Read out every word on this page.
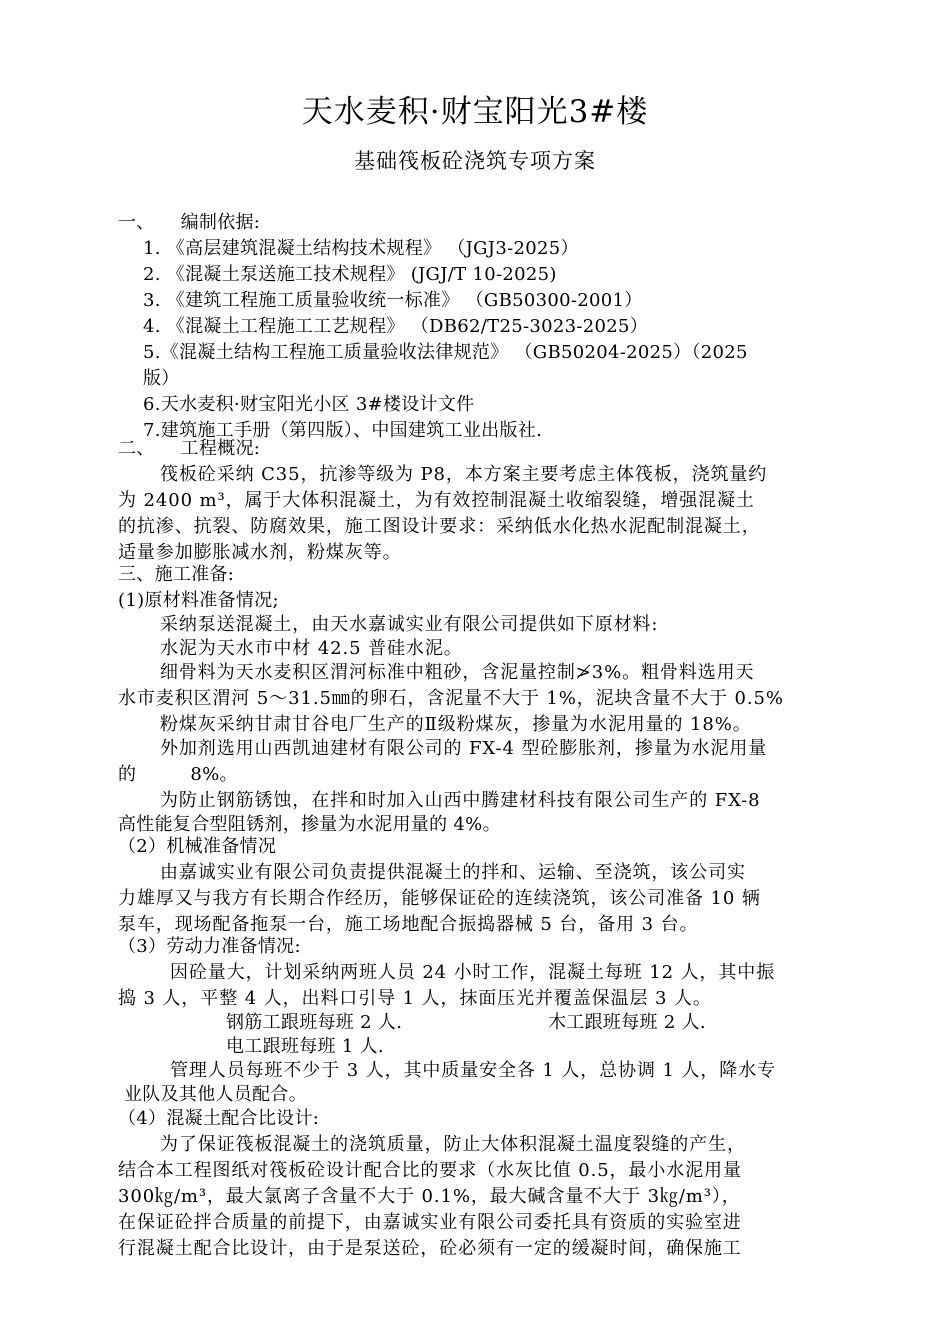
天水麦积·财宝阳光3#楼
基础筏板砼浇筑专项方案
一、 编制依据:
1. 《高层建筑混凝土结构技术规程》 （JGJ3-2025）
2. 《混凝土泵送施工技术规程》 (JGJ/T 10-2025)
3. 《建筑工程施工质量验收统一标准》 （GB50300-2001）
4. 《混凝土工程施工工艺规程》 （DB62/T25-3023-2025）
5.《混凝土结构工程施工质量验收法律规范》 （GB50204-2025）（2025
版）
6.天水麦积·财宝阳光小区 3#楼设计文件
7.建筑施工手册（第四版）、中国建筑工业出版社.
二、 工程概况:
筏板砼采纳 C35，抗渗等级为 P8，本方案主要考虑主体筏板，浇筑量约
为 2400 m³，属于大体积混凝土，为有效控制混凝土收缩裂缝，增强混凝土
的抗渗、抗裂、防腐效果，施工图设计要求：采纳低水化热水泥配制混凝土，
适量参加膨胀减水剂，粉煤灰等。
三、施工准备:
(1)原材料准备情况;
采纳泵送混凝土，由天水嘉诚实业有限公司提供如下原材料:
水泥为天水市中材 42.5 普硅水泥。
细骨料为天水麦积区渭河标准中粗砂，含泥量控制≯3%。粗骨料选用天
水市麦积区渭河 5～31.5㎜的卵石，含泥量不大于 1%，泥块含量不大于 0.5%
粉煤灰采纳甘肃甘谷电厂生产的Ⅱ级粉煤灰，掺量为水泥用量的 18%。
外加剂选用山西凯迪建材有限公司的 FX-4 型砼膨胀剂，掺量为水泥用量
的	8%。
为防止钢筋锈蚀，在拌和时加入山西中腾建材科技有限公司生产的 FX-8
高性能复合型阻锈剂，掺量为水泥用量的 4%。
（2）机械准备情况
由嘉诚实业有限公司负责提供混凝土的拌和、运输、至浇筑，该公司实
力雄厚又与我方有长期合作经历，能够保证砼的连续浇筑，该公司准备 10 辆
泵车，现场配备拖泵一台，施工场地配合振捣器械 5 台，备用 3 台。
（3）劳动力准备情况:
因砼量大，计划采纳两班人员 24 小时工作，混凝土每班 12 人，其中振
捣 3 人，平整 4 人，出料口引导 1 人，抹面压光并覆盖保温层 3 人。
钢筋工跟班每班 2 人.	木工跟班每班 2 人.
电工跟班每班 1 人.
管理人员每班不少于 3 人，其中质量安全各 1 人，总协调 1 人，降水专
业队及其他人员配合。
（4）混凝土配合比设计:
为了保证筏板混凝土的浇筑质量，防止大体积混凝土温度裂缝的产生，
结合本工程图纸对筏板砼设计配合比的要求（水灰比值 0.5，最小水泥用量
300㎏/m³，最大氯离子含量不大于 0.1%，最大碱含量不大于 3㎏/m³），
在保证砼拌合质量的前提下，由嘉诚实业有限公司委托具有资质的实验室进
行混凝土配合比设计，由于是泵送砼，砼必须有一定的缓凝时间，确保施工
